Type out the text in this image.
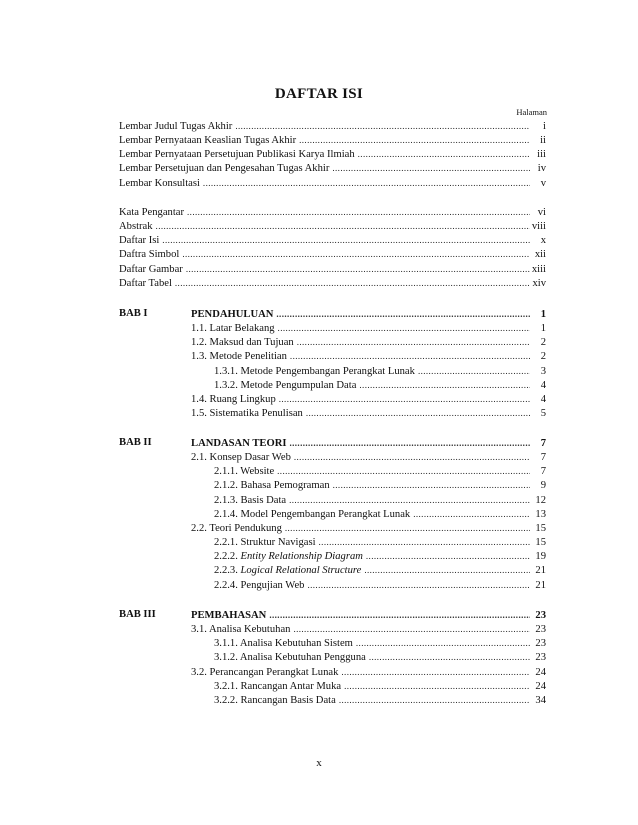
DAFTAR ISI
Halaman
Lembar Judul Tugas Akhir .....	i
Lembar Pernyataan Keaslian Tugas Akhir .....	ii
Lembar Pernyataan Persetujuan Publikasi Karya Ilmiah .....	iii
Lembar Persetujuan dan Pengesahan Tugas Akhir .....	iv
Lembar Konsultasi .....	v
Kata Pengantar .....	vi
Abstrak .....	viii
Daftar Isi .....	x
Daftra Simbol .....	xii
Daftar Gambar .....	xiii
Daftar Tabel .....	xiv
BAB I	PENDAHULUAN .....	1
1.1. Latar Belakang .....	1
1.2. Maksud dan Tujuan .....	2
1.3. Metode Penelitian .....	2
1.3.1. Metode Pengembangan Perangkat Lunak .....	3
1.3.2. Metode Pengumpulan Data .....	4
1.4. Ruang Lingkup .....	4
1.5. Sistematika Penulisan .....	5
BAB II	LANDASAN TEORI .....	7
2.1. Konsep Dasar Web .....	7
2.1.1. Website .....	7
2.1.2. Bahasa Pemograman .....	9
2.1.3. Basis Data .....	12
2.1.4. Model Pengembangan Perangkat Lunak .....	13
2.2. Teori Pendukung .....	15
2.2.1. Struktur Navigasi .....	15
2.2.2. Entity Relationship Diagram .....	19
2.2.3. Logical Relational Structure .....	21
2.2.4. Pengujian Web .....	21
BAB III	PEMBAHASAN .....	23
3.1. Analisa Kebutuhan .....	23
3.1.1. Analisa Kebutuhan Sistem .....	23
3.1.2. Analisa Kebutuhan Pengguna .....	23
3.2. Perancangan Perangkat Lunak .....	24
3.2.1. Rancangan Antar Muka .....	24
3.2.2. Rancangan Basis Data .....	34
x
